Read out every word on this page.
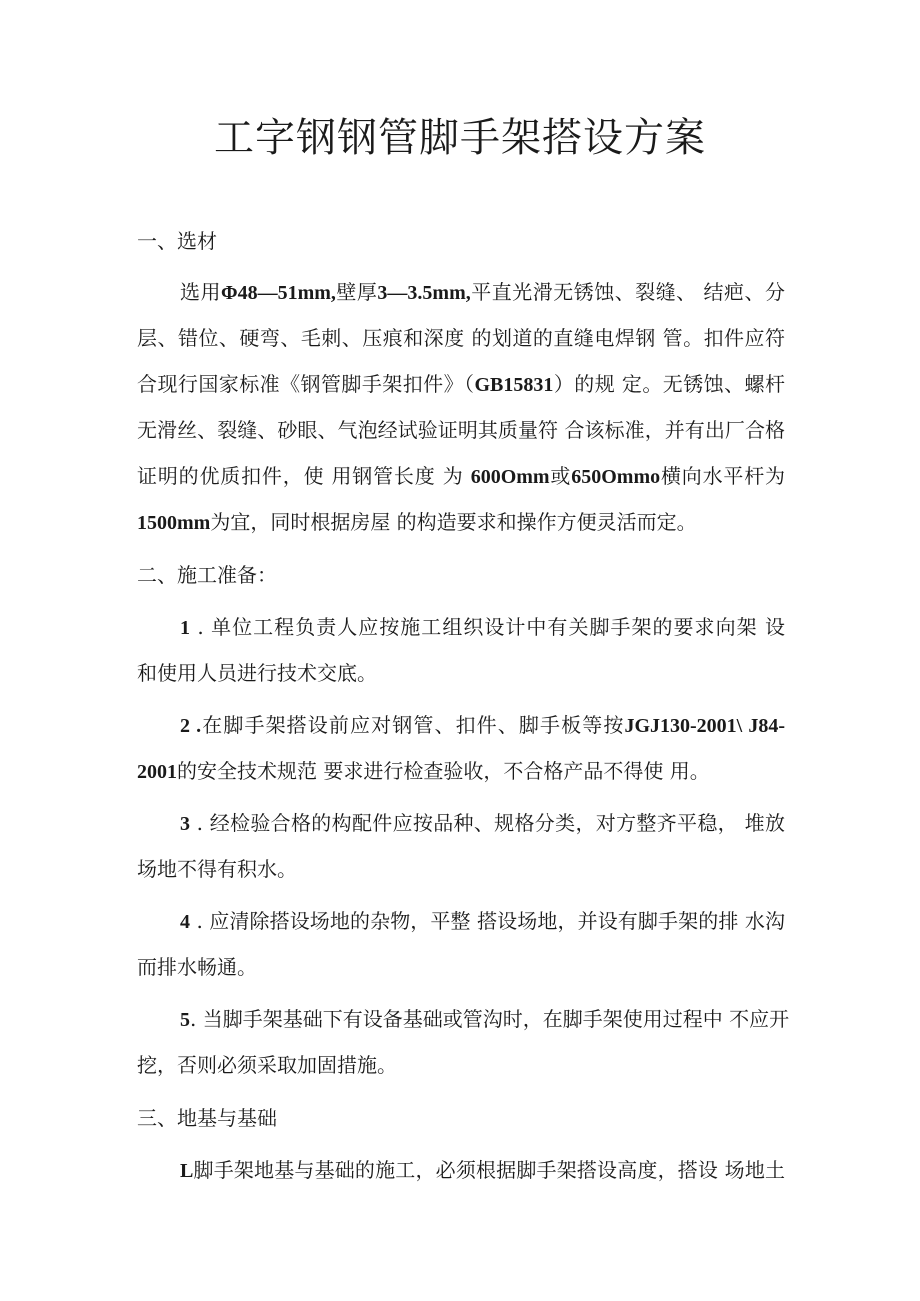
工字钢钢管脚手架搭设方案
一、选材
选用Φ48—51mm,壁厚3—3.5mm,平直光滑无锈蚀、裂缝、 结疤、分
层、错位、硬弯、毛刺、压痕和深度 的划道的直缝电焊钢 管。扣件应符
合现行国家标准《钢管脚手架扣件》（GB15831）的规 定。无锈蚀、螺杆
无滑丝、裂缝、砂眼、气泡经试验证明其质量符 合该标准，并有出厂合格
证明的优质扣件，使 用钢管长度 为 600Omm或650Ommo横向水平杆为
1500mm为宜，同时根据房屋 的构造要求和操作方便灵活而定。
二、施工准备：
1 . 单位工程负责人应按施工组织设计中有关脚手架的要求向架 设
和使用人员进行技术交底。
2 .在脚手架搭设前应对钢管、扣件、脚手板等按JGJ130-2001\ J84-
2001的安全技术规范 要求进行检查验收，不合格产品不得使 用。
3 . 经检验合格的构配件应按品种、规格分类，对方整齐平稳， 堆放
场地不得有积水。
4 . 应清除搭设场地的杂物，平整 搭设场地，并设有脚手架的排 水沟
而排水畅通。
5. 当脚手架基础下有设备基础或管沟时，在脚手架使用过程中 不应开
挖，否则必须采取加固措施。
三、地基与基础
L脚手架地基与基础的施工，必须根据脚手架搭设高度，搭设 场地土
